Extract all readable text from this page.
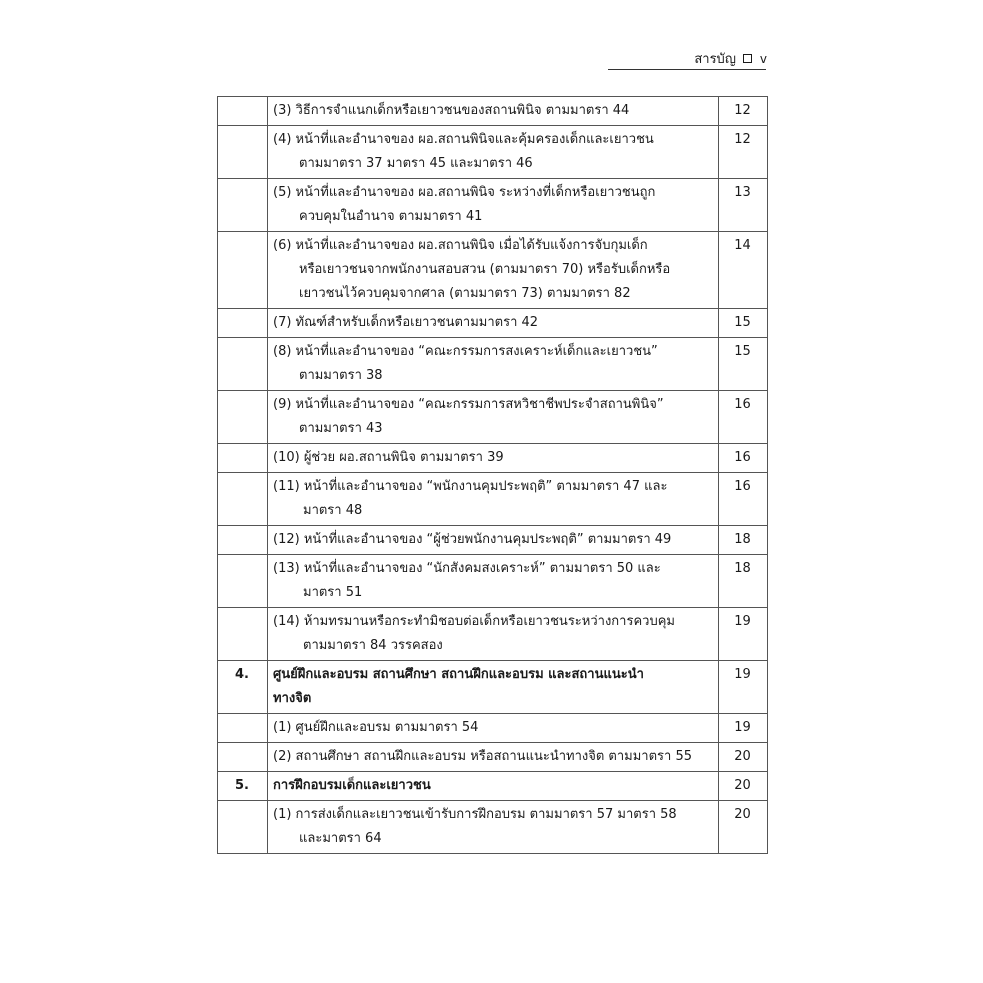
สารบัญ v

	(3) วิธีการจำแนกเด็กหรือเยาวชนของสถานพินิจ ตามมาตรา 44	12

	(4) หน้าที่และอำนาจของ ผอ.สถานพินิจและคุ้มครองเด็กและเยาวชน
ตามมาตรา 37 มาตรา 45 และมาตรา 46	12

	(5) หน้าที่และอำนาจของ ผอ.สถานพินิจ ระหว่างที่เด็กหรือเยาวชนถูก
ควบคุมในอำนาจ ตามมาตรา 41	13

	(6) หน้าที่และอำนาจของ ผอ.สถานพินิจ เมื่อได้รับแจ้งการจับกุมเด็ก
หรือเยาวชนจากพนักงานสอบสวน (ตามมาตรา 70) หรือรับเด็กหรือ
เยาวชนไว้ควบคุมจากศาล (ตามมาตรา 73) ตามมาตรา 82	14

	(7) ทัณฑ์สำหรับเด็กหรือเยาวชนตามมาตรา 42	15

	(8) หน้าที่และอำนาจของ “คณะกรรมการสงเคราะห์เด็กและเยาวชน”
ตามมาตรา 38	15

	(9) หน้าที่และอำนาจของ “คณะกรรมการสหวิชาชีพประจำสถานพินิจ”
ตามมาตรา 43	16

	(10) ผู้ช่วย ผอ.สถานพินิจ ตามมาตรา 39	16

	(11) หน้าที่และอำนาจของ “พนักงานคุมประพฤติ” ตามมาตรา 47 และ
มาตรา 48	16

	(12) หน้าที่และอำนาจของ “ผู้ช่วยพนักงานคุมประพฤติ” ตามมาตรา 49	18

	(13) หน้าที่และอำนาจของ “นักสังคมสงเคราะห์” ตามมาตรา 50 และ
มาตรา 51	18

	(14) ห้ามทรมานหรือกระทำมิชอบต่อเด็กหรือเยาวชนระหว่างการควบคุม
ตามมาตรา 84 วรรคสอง	19
4.	ศูนย์ฝึกและอบรม สถานศึกษา สถานฝึกและอบรม และสถานแนะนำ
ทางจิต	19

	(1) ศูนย์ฝึกและอบรม ตามมาตรา 54	19

	(2) สถานศึกษา สถานฝึกและอบรม หรือสถานแนะนำทางจิต ตามมาตรา 55	20
5.	การฝึกอบรมเด็กและเยาวชน	20

	(1) การส่งเด็กและเยาวชนเข้ารับการฝึกอบรม ตามมาตรา 57 มาตรา 58
และมาตรา 64	20
